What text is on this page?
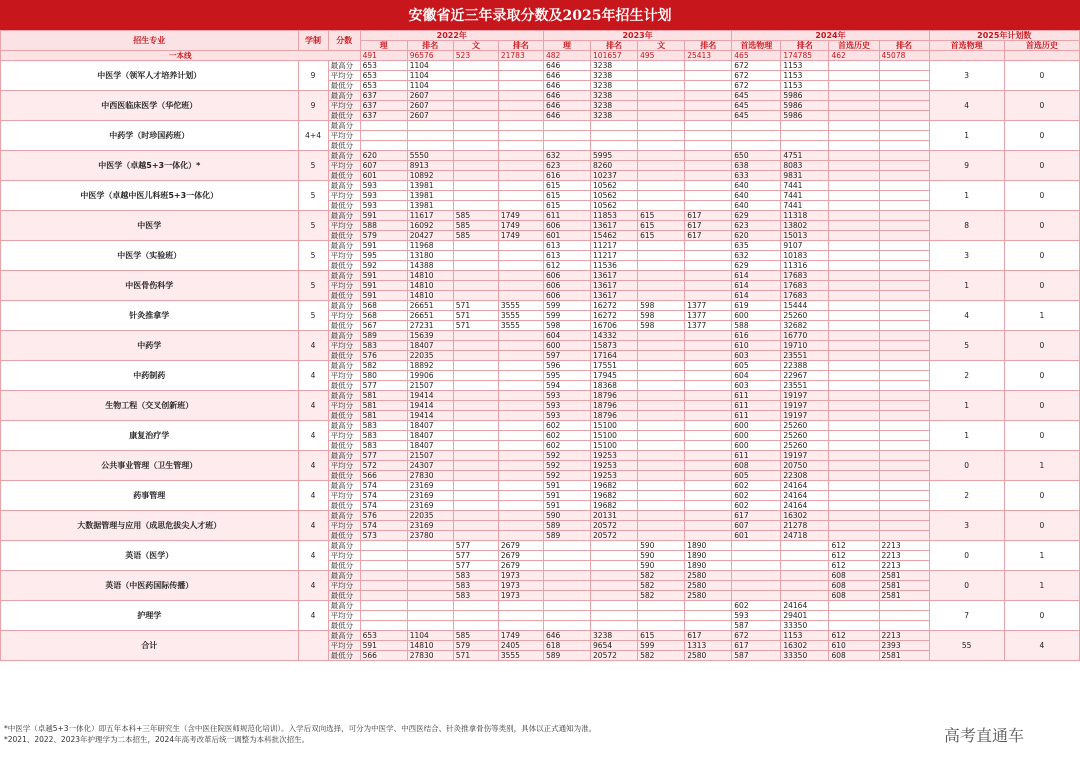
安徽省近三年录取分数及2025年招生计划
招生专业	学制	分数	2022年				2023年				2024年				2025年计划数	
			理	排名	文	排名	理	排名	文	排名	首选物理	排名	首选历史	排名	首选物理	首选历史
一本线			491	96576	523	21783	482	101657	495	25413	465	174785	462	45078		
中医学（领军人才培养计划）	9	最高分	653	1104			646	3238			672	1153			3	0
		平均分	653	1104			646	3238			672	1153				
		最低分	653	1104			646	3238			672	1153				
中西医临床医学（华佗班）	9	最高分	637	2607			646	3238			645	5986			4	0
		平均分	637	2607			646	3238			645	5986				
		最低分	637	2607			646	3238			645	5986				
中药学（时珍国药班）	4+4	最高分													1	0
		平均分														
		最低分														
中医学（卓越5+3一体化）*	5	最高分	620	5550			632	5995			650	4751			9	0
		平均分	607	8913			623	8260			638	8083				
		最低分	601	10892			616	10237			633	9831				
中医学（卓越中医儿科班5+3一体化）	5	最高分	593	13981			615	10562			640	7441			1	0
		平均分	593	13981			615	10562			640	7441				
		最低分	593	13981			615	10562			640	7441				
中医学	5	最高分	591	11617	585	1749	611	11853	615	617	629	11318			8	0
		平均分	588	16092	585	1749	606	13617	615	617	623	13802				
		最低分	579	20427	585	1749	601	15462	615	617	620	15013				
中医学（实验班）	5	最高分	591	11968			613	11217			635	9107			3	0
		平均分	595	13180			613	11217			632	10183				
		最低分	592	14388			612	11536			629	11316				
中医骨伤科学	5	最高分	591	14810			606	13617			614	17683			1	0
		平均分	591	14810			606	13617			614	17683				
		最低分	591	14810			606	13617			614	17683				
针灸推拿学	5	最高分	568	26651	571	3555	599	16272	598	1377	619	15444			4	1
		平均分	568	26651	571	3555	599	16272	598	1377	600	25260				
		最低分	567	27231	571	3555	598	16706	598	1377	588	32682				
中药学	4	最高分	589	15639			604	14332			616	16770			5	0
		平均分	583	18407			600	15873			610	19710				
		最低分	576	22035			597	17164			603	23551				
中药制药	4	最高分	582	18892			596	17551			605	22388			2	0
		平均分	580	19906			595	17945			604	22967				
		最低分	577	21507			594	18368			603	23551				
生物工程（交叉创新班）	4	最高分	581	19414			593	18796			611	19197			1	0
		平均分	581	19414			593	18796			611	19197				
		最低分	581	19414			593	18796			611	19197				
康复治疗学	4	最高分	583	18407			602	15100			600	25260			1	0
		平均分	583	18407			602	15100			600	25260				
		最低分	583	18407			602	15100			600	25260				
公共事业管理（卫生管理）	4	最高分	577	21507			592	19253			611	19197			0	1
		平均分	572	24307			592	19253			608	20750				
		最低分	566	27830			592	19253			605	22308				
药事管理	4	最高分	574	23169			591	19682			602	24164			2	0
		平均分	574	23169			591	19682			602	24164				
		最低分	574	23169			591	19682			602	24164				
大数据管理与应用（成思危拔尖人才班）	4	最高分	576	22035			590	20131			617	16302			3	0
		平均分	574	23169			589	20572			607	21278				
		最低分	573	23780			589	20572			601	24718				
英语（医学）	4	最高分			577	2679			590	1890			612	2213	0	1
		平均分			577	2679			590	1890			612	2213		
		最低分			577	2679			590	1890			612	2213		
英语（中医药国际传播）	4	最高分			583	1973			582	2580			608	2581	0	1
		平均分			583	1973			582	2580			608	2581		
		最低分			583	1973			582	2580			608	2581		
护理学	4	最高分									602	24164			7	0
		平均分									593	29401				
		最低分									587	33350				
合计		最高分	653	1104	585	1749	646	3238	615	617	672	1153	612	2213	55	4
		平均分	591	14810	579	2405	618	9654	599	1313	617	16302	610	2393		
		最低分	566	27830	571	3555	589	20572	582	2580	587	33350	608	2581		
*中医学（卓越5+3一体化）即五年本科+三年研究生（含中医住院医师规范化培训）。入学后双向选择，可分为中医学、中西医结合、针灸推拿骨伤等类别，具体以正式通知为准。
*2021、2022、2023年护理学为二本招生，2024年高考改革后统一调整为本科批次招生。	高考直通车
